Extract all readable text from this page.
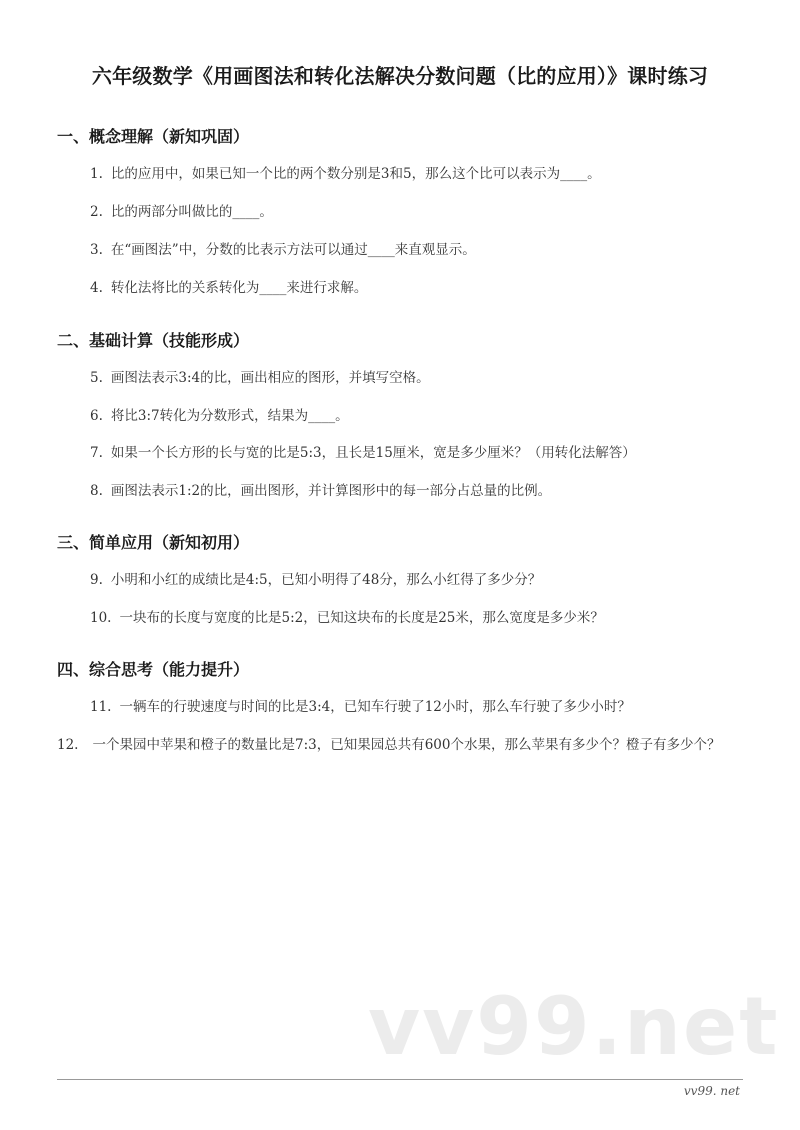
六年级数学《用画图法和转化法解决分数问题（比的应用）》课时练习
一、概念理解（新知巩固）
1. 比的应用中，如果已知一个比的两个数分别是3和5，那么这个比可以表示为____。
2. 比的两部分叫做比的____。
3. 在“画图法”中，分数的比表示方法可以通过____来直观显示。
4. 转化法将比的关系转化为____来进行求解。
二、基础计算（技能形成）
5. 画图法表示3:4的比，画出相应的图形，并填写空格。
6. 将比3:7转化为分数形式，结果为____。
7. 如果一个长方形的长与宽的比是5:3，且长是15厘米，宽是多少厘米？（用转化法解答）
8. 画图法表示1:2的比，画出图形，并计算图形中的每一部分占总量的比例。
三、简单应用（新知初用）
9. 小明和小红的成绩比是4:5，已知小明得了48分，那么小红得了多少分？
10. 一块布的长度与宽度的比是5:2，已知这块布的长度是25米，那么宽度是多少米？
四、综合思考（能力提升）
11. 一辆车的行驶速度与时间的比是3:4，已知车行驶了12小时，那么车行驶了多少小时？
12. 一个果园中苹果和橙子的数量比是7:3，已知果园总共有600个水果，那么苹果有多少个？橙子有多少个？
vv99.net
vv99. net
